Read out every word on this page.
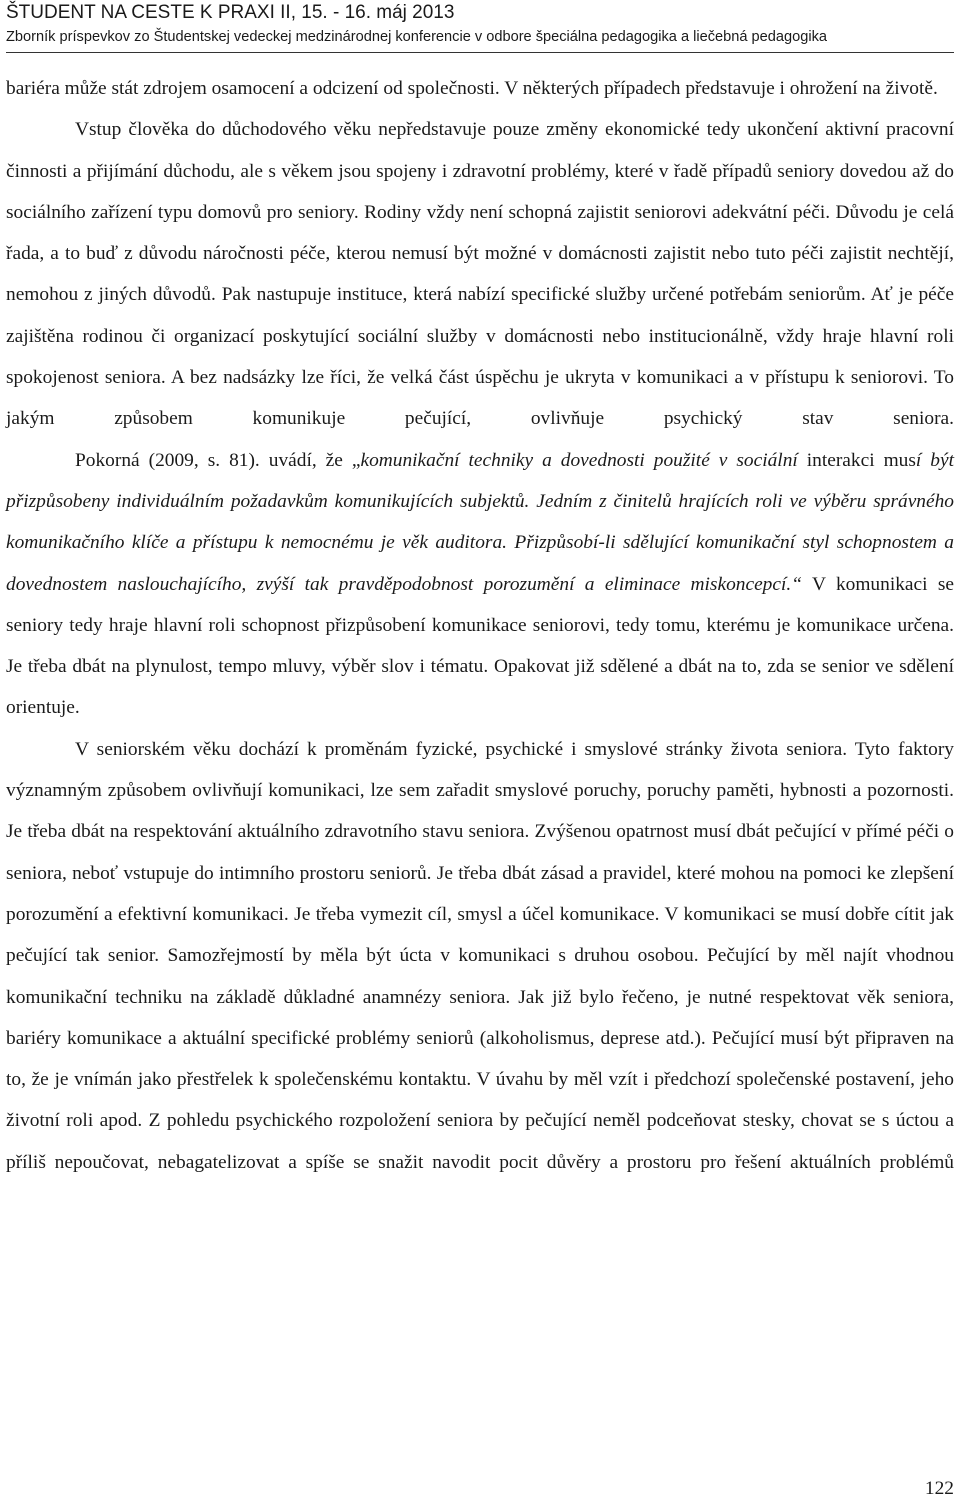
ŠTUDENT NA CESTE K PRAXI II, 15. - 16. máj 2013
Zborník príspevkov zo Študentskej vedeckej medzinárodnej konferencie v odbore špeciálna pedagogika a liečebná pedagogika

bariéra může stát zdrojem osamocení a odcizení od společnosti. V některých případech představuje i ohrožení na životě.

Vstup člověka do důchodového věku nepředstavuje pouze změny ekonomické tedy ukončení aktivní pracovní činnosti a přijímání důchodu, ale s věkem jsou spojeny i zdravotní problémy, které v řadě případů seniory dovedou až do sociálního zařízení typu domovů pro seniory. Rodiny vždy není schopná zajistit seniorovi adekvátní péči. Důvodu je celá řada, a to buď z důvodu náročnosti péče, kterou nemusí být možné v domácnosti zajistit nebo tuto péči zajistit nechtějí, nemohou z jiných důvodů. Pak nastupuje instituce, která nabízí specifické služby určené potřebám seniorům. Ať je péče zajištěna rodinou či organizací poskytující sociální služby v domácnosti nebo institucionálně, vždy hraje hlavní roli spokojenost seniora. A bez nadsázky lze říci, že velká část úspěchu je ukryta v komunikaci a v přístupu k seniorovi. To jakým způsobem komunikuje pečující, ovlivňuje psychický stav seniora.

Pokorná (2009, s. 81). uvádí, že „komunikační techniky a dovednosti použité v sociální interakci musí být přizpůsobeny individuálním požadavkům komunikujících subjektů. Jedním z činitelů hrajících roli ve výběru správného komunikačního klíče a přístupu k nemocnému je věk auditora. Přizpůsobí-li sdělující komunikační styl schopnostem a dovednostem naslouchajícího, zvýší tak pravděpodobnost porozumění a eliminace miskoncepcí.“ V komunikaci se seniory tedy hraje hlavní roli schopnost přizpůsobení komunikace seniorovi, tedy tomu, kterému je komunikace určena. Je třeba dbát na plynulost, tempo mluvy, výběr slov i tématu. Opakovat již sdělené a dbát na to, zda se senior ve sdělení orientuje.

V seniorském věku dochází k proměnám fyzické, psychické i smyslové stránky života seniora. Tyto faktory významným způsobem ovlivňují komunikaci, lze sem zařadit smyslové poruchy, poruchy paměti, hybnosti a pozornosti. Je třeba dbát na respektování aktuálního zdravotního stavu seniora. Zvýšenou opatrnost musí dbát pečující v přímé péči o seniora, neboť vstupuje do intimního prostoru seniorů. Je třeba dbát zásad a pravidel, které mohou na pomoci ke zlepšení porozumění a efektivní komunikaci. Je třeba vymezit cíl, smysl a účel komunikace. V komunikaci se musí dobře cítit jak pečující tak senior. Samozřejmostí by měla být úcta v komunikaci s druhou osobou. Pečující by měl najít vhodnou komunikační techniku na základě důkladné anamnézy seniora. Jak již bylo řečeno, je nutné respektovat věk seniora, bariéry komunikace a aktuální specifické problémy seniorů (alkoholismus, deprese atd.). Pečující musí být připraven na to, že je vnímán jako přestřelek k společenskému kontaktu. V úvahu by měl vzít i předchozí společenské postavení, jeho životní roli apod. Z pohledu psychického rozpoložení seniora by pečující neměl podceňovat stesky, chovat se s úctou a příliš nepoučovat, nebagatelizovat a spíše se snažit navodit pocit důvěry a prostoru pro řešení aktuálních problémů

122
